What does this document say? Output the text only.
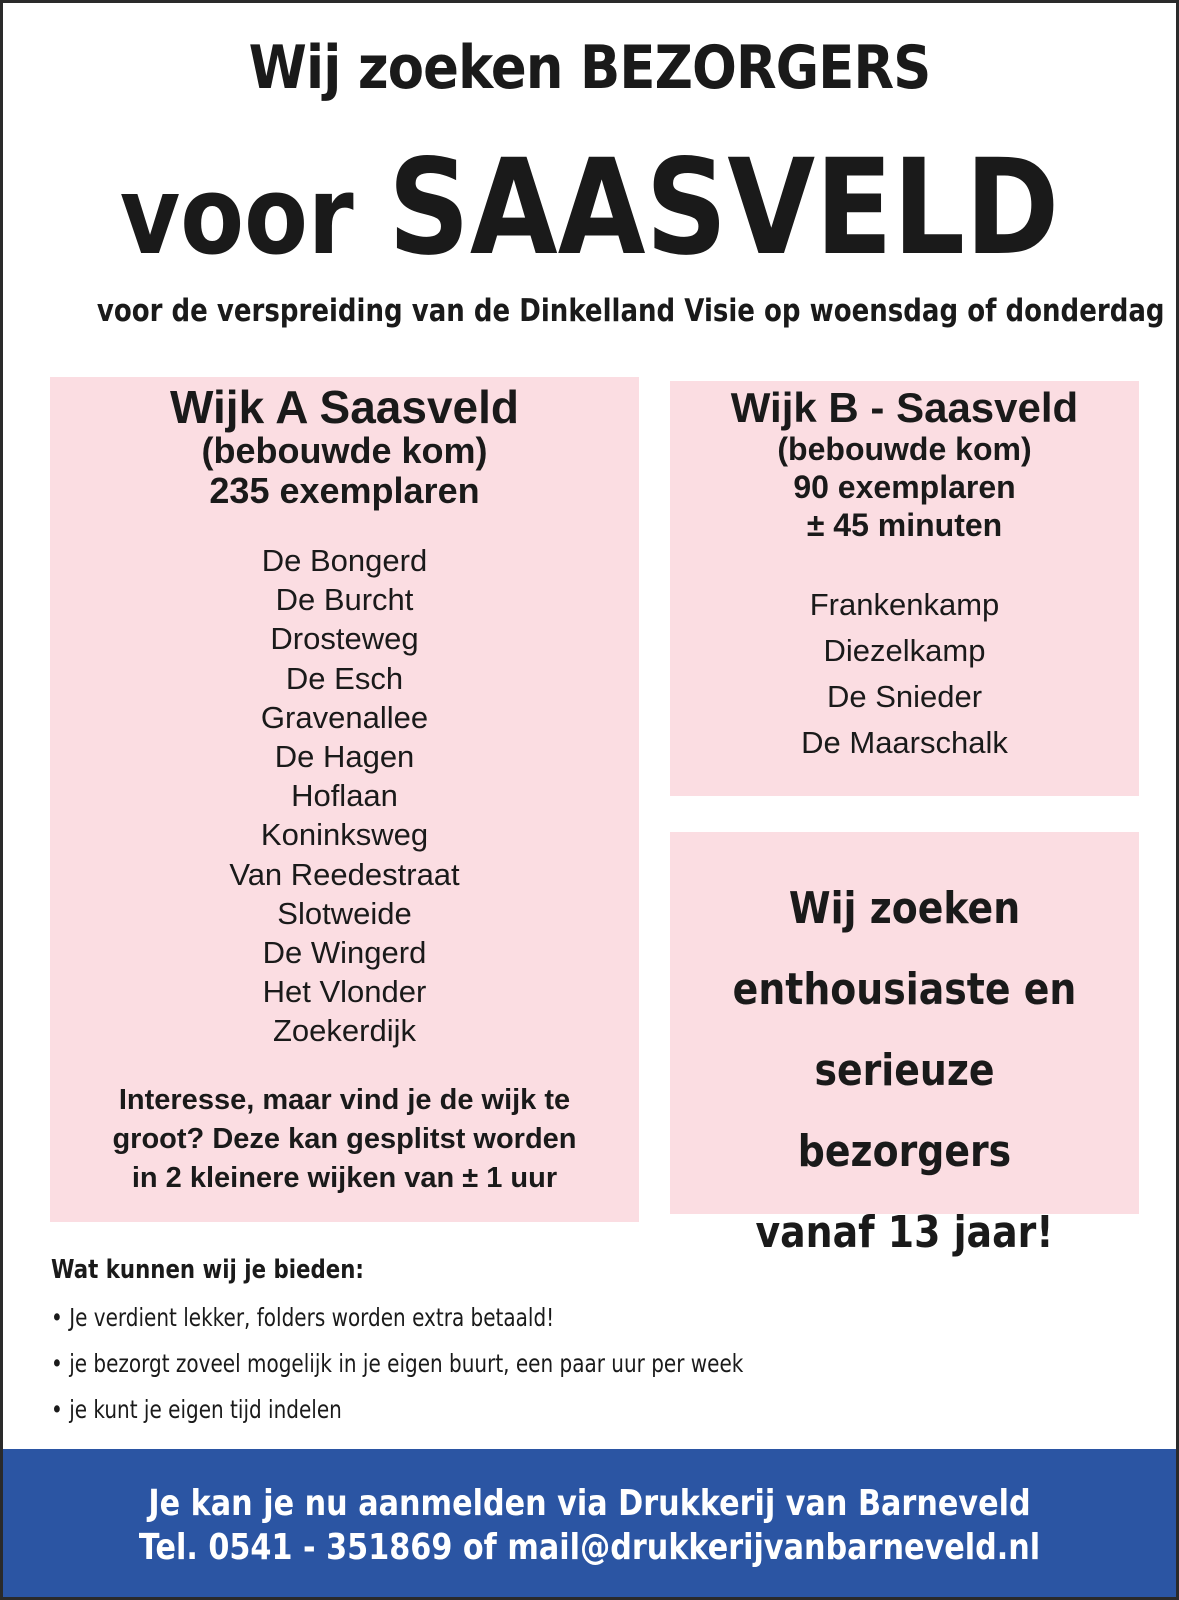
Wij zoeken BEZORGERS
voor SAASVELD
voor de verspreiding van de Dinkelland Visie op woensdag of donderdag
Wijk A Saasveld
(bebouwde kom)
235 exemplaren
De Bongerd
De Burcht
Drosteweg
De Esch
Gravenallee
De Hagen
Hoflaan
Koninksweg
Van Reedestraat
Slotweide
De Wingerd
Het Vlonder
Zoekerdijk
Interesse, maar vind je de wijk te
groot? Deze kan gesplitst worden
in 2 kleinere wijken van ± 1 uur
Wijk B - Saasveld
(bebouwde kom)
90 exemplaren
± 45 minuten
Frankenkamp
Diezelkamp
De Snieder
De Maarschalk
Wij zoeken
enthousiaste en
serieuze bezorgers
vanaf 13 jaar!
Wat kunnen wij je bieden:
• Je verdient lekker, folders worden extra betaald!
• je bezorgt zoveel mogelijk in je eigen buurt, een paar uur per week
• je kunt je eigen tijd indelen
Je kan je nu aanmelden via Drukkerij van Barneveld
Tel. 0541 - 351869 of mail@drukkerijvanbarneveld.nl
